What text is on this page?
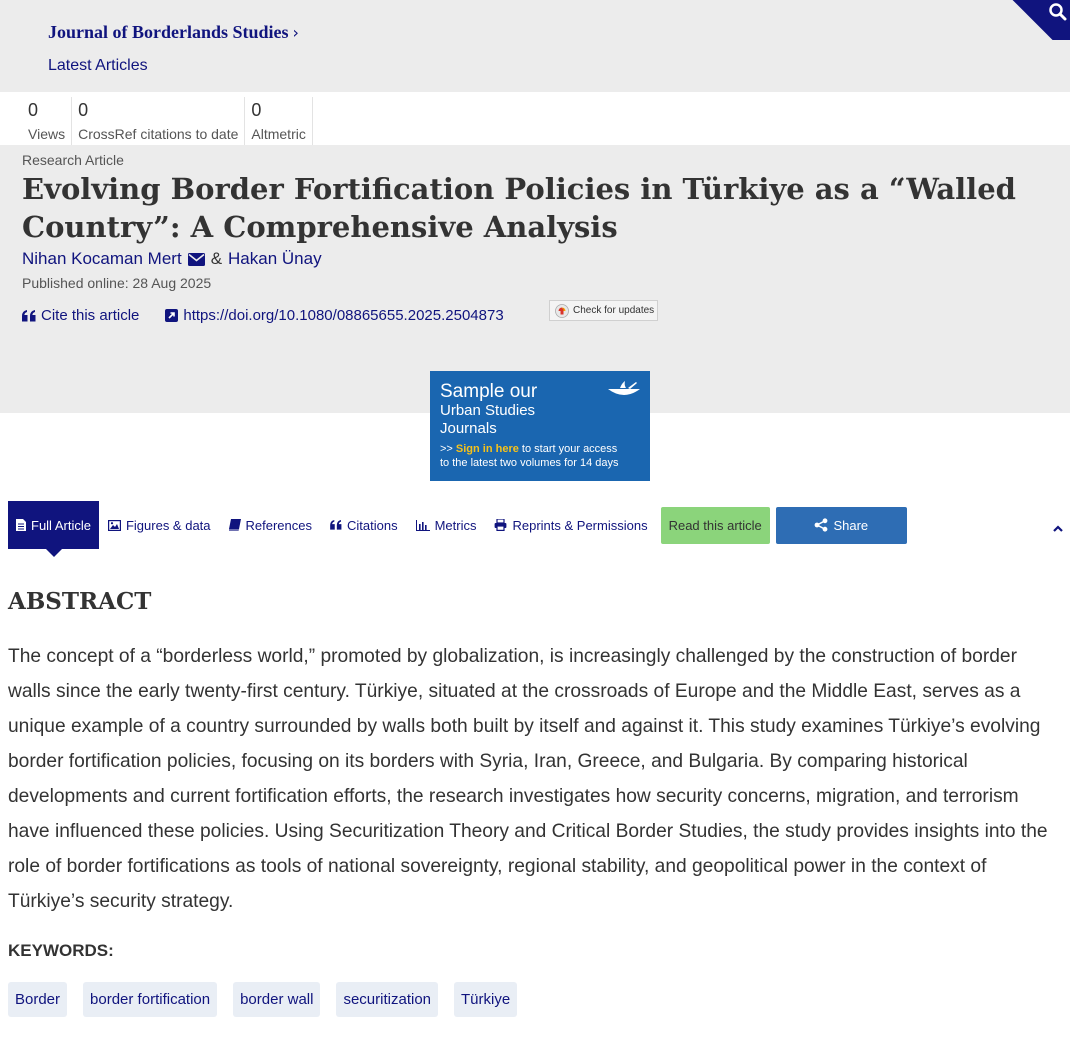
Journal of Borderlands Studies ›
Latest Articles
0
Views
0
CrossRef citations to date
0
Altmetric
Research Article
Evolving Border Fortification Policies in Türkiye as a “Walled Country”: A Comprehensive Analysis
Nihan Kocaman Mert & Hakan Ünay
Published online: 28 Aug 2025
Cite this article	https://doi.org/10.1080/08865655.2025.2504873	Check for updates
Sample our
Urban Studies
Journals
>> Sign in here to start your access
to the latest two volumes for 14 days
Full Article	Figures & data	References	Citations	Metrics	Reprints & Permissions	Read this article	Share
ABSTRACT

The concept of a “borderless world,” promoted by globalization, is increasingly challenged by the construction of border walls since the early twenty-first century. Türkiye, situated at the crossroads of Europe and the Middle East, serves as a unique example of a country surrounded by walls both built by itself and against it. This study examines Türkiye’s evolving border fortification policies, focusing on its borders with Syria, Iran, Greece, and Bulgaria. By comparing historical developments and current fortification efforts, the research investigates how security concerns, migration, and terrorism have influenced these policies. Using Securitization Theory and Critical Border Studies, the study provides insights into the role of border fortifications as tools of national sovereignty, regional stability, and geopolitical power in the context of Türkiye’s security strategy.

KEYWORDS:
Border	border fortification	border wall	securitization	Türkiye
